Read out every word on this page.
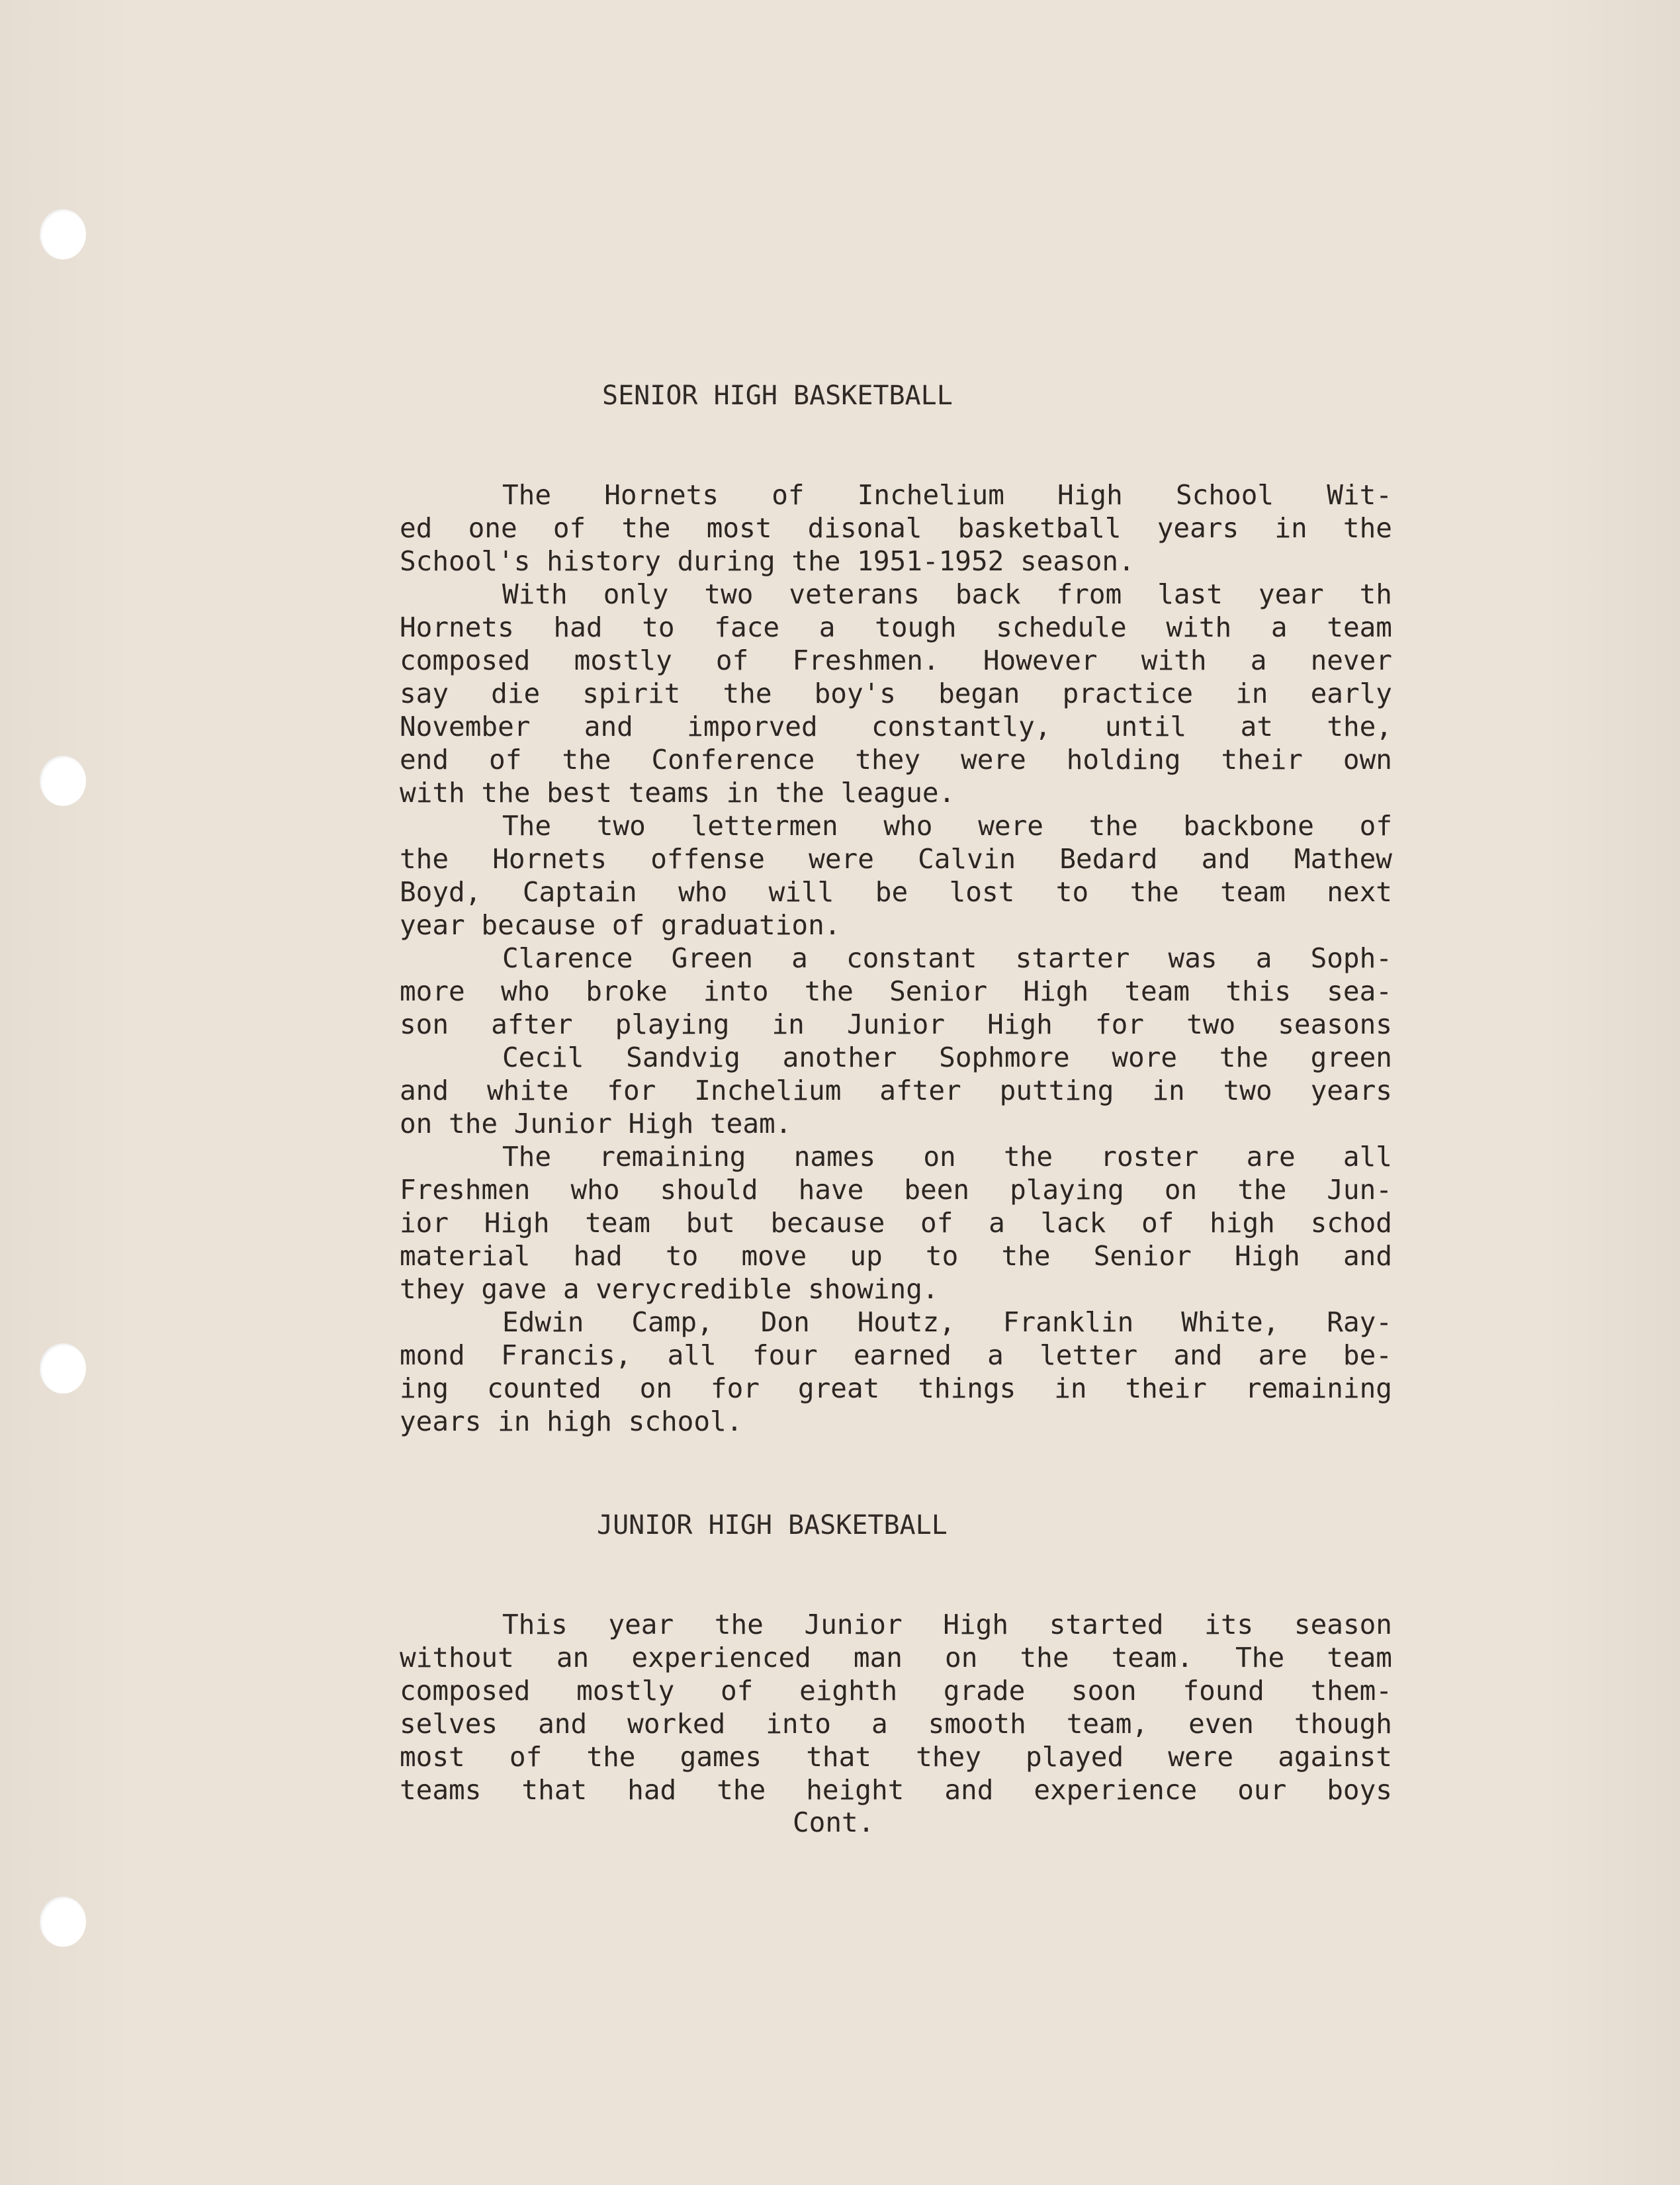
SENIOR HIGH BASKETBALL
The Hornets of Inchelium High School Wit-
ed one of the most disonal basketball years in the
School's history during the 1951-1952 season.
With only two veterans back from last year th
Hornets had to face a tough schedule with a team
composed mostly of Freshmen. However with a never
say die spirit the boy's began practice in early
November and imporved constantly, until at the,
end of the Conference they were holding their own
with the best teams in the league.
The two lettermen who were the backbone of
the Hornets offense were Calvin Bedard and Mathew
Boyd, Captain who will be lost to the team next
year because of graduation.
Clarence Green a constant starter was a Soph-
more who broke into the Senior High team this sea-
son after playing in Junior High for two seasons
Cecil Sandvig another Sophmore wore the green
and white for Inchelium after putting in two years
on the Junior High team.
The remaining names on the roster are all
Freshmen who should have been playing on the Jun-
ior High team but because of a lack of high schod
material had to move up to the Senior High and
they gave a verycredible showing.
Edwin Camp, Don Houtz, Franklin White, Ray-
mond Francis, all four earned a letter and are be-
ing counted on for great things in their remaining
years in high school.
JUNIOR HIGH BASKETBALL
This year the Junior High started its season
without an experienced man on the team. The team
composed mostly of eighth grade soon found them-
selves and worked into a smooth team, even though
most of the games that they played were against
teams that had the height and experience our boys
Cont.
